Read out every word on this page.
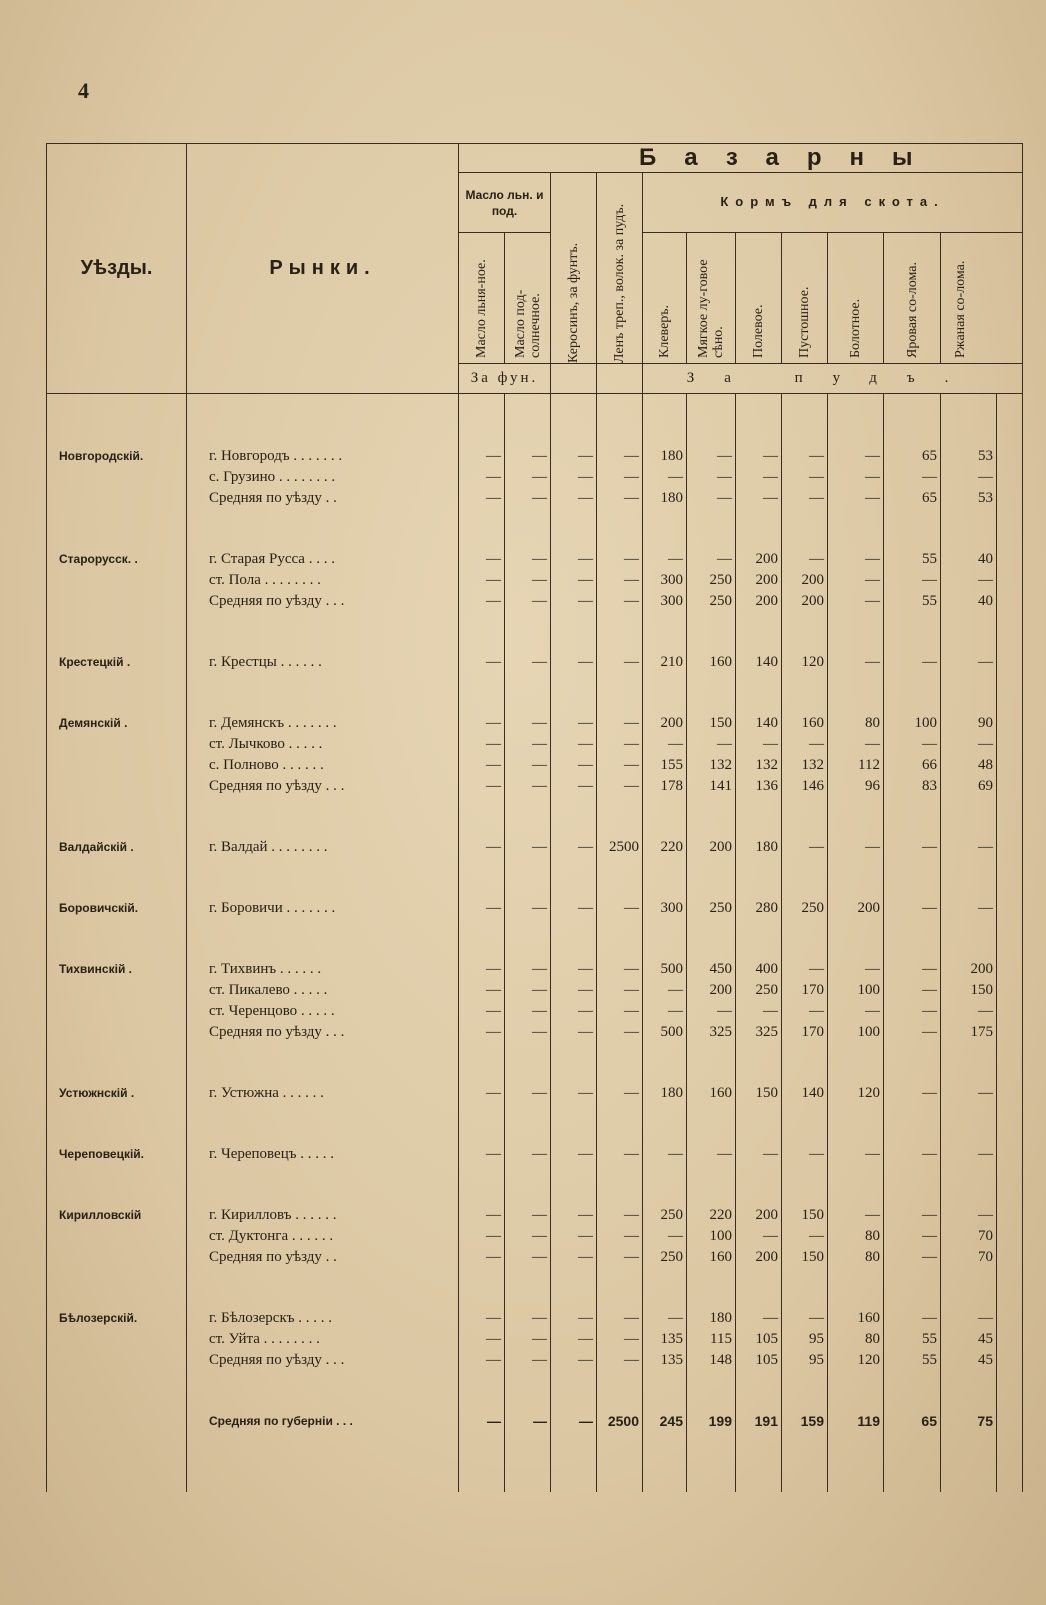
4
Уѣзды.	Рынки.	Базарны											

		Масло льн. и под.		Керосинъ, за фунтъ.	Ленъ треп., волок. за пудъ.	Кормъ для скота.							

		Масло льня-ное.	Масло под-солнечное.			Клеверъ.	Мягкое лу-говое сѣно.	Полевое.	Пустошное.	Болотное.	Яровая со-лома.	Ржаная со-лома.	

		За фун.				За пудъ.							

Новгородскій.	г. Новгородъ . . . . . . .	—	—	—	—	180	—	—	—	—	65	53	
	с. Грузино . . . . . . . .	—	—	—	—	—	—	—	—	—	—	—	
	Средняя по уѣзду . .	—	—	—	—	180	—	—	—	—	65	53	

Старорусск. .	г. Старая Русса . . . .	—	—	—	—	—	—	200	—	—	55	40	
	ст. Пола . . . . . . . .	—	—	—	—	300	250	200	200	—	—	—	
	Средняя по уѣзду . . .	—	—	—	—	300	250	200	200	—	55	40	

Крестецкій .	г. Крестцы . . . . . .	—	—	—	—	210	160	140	120	—	—	—	

Демянскій .	г. Демянскъ . . . . . . .	—	—	—	—	200	150	140	160	80	100	90	
	ст. Лычково . . . . .	—	—	—	—	—	—	—	—	—	—	—	
	с. Полново . . . . . .	—	—	—	—	155	132	132	132	112	66	48	
	Средняя по уѣзду . . .	—	—	—	—	178	141	136	146	96	83	69	

Валдайскій .	г. Валдай . . . . . . . .	—	—	—	2500	220	200	180	—	—	—	—	

Боровичскій.	г. Боровичи . . . . . . .	—	—	—	—	300	250	280	250	200	—	—	

Тихвинскій .	г. Тихвинъ . . . . . .	—	—	—	—	500	450	400	—	—	—	200	
	ст. Пикалево . . . . .	—	—	—	—	—	200	250	170	100	—	150	
	ст. Черенцово . . . . .	—	—	—	—	—	—	—	—	—	—	—	
	Средняя по уѣзду . . .	—	—	—	—	500	325	325	170	100	—	175	

Устюжнскій .	г. Устюжна . . . . . .	—	—	—	—	180	160	150	140	120	—	—	

Череповецкій.	г. Череповецъ . . . . .	—	—	—	—	—	—	—	—	—	—	—	

Кирилловскій	г. Кирилловъ . . . . . .	—	—	—	—	250	220	200	150	—	—	—	
	ст. Дуктонга . . . . . .	—	—	—	—	—	100	—	—	80	—	70	
	Средняя по уѣзду . .	—	—	—	—	250	160	200	150	80	—	70	

Бѣлозерскій.	г. Бѣлозерскъ . . . . .	—	—	—	—	—	180	—	—	160	—	—	
	ст. Уйта . . . . . . . .	—	—	—	—	135	115	105	95	80	55	45	
	Средняя по уѣзду . . .	—	—	—	—	135	148	105	95	120	55	45	

	Средняя по губерніи . . .	—	—	—	2500	245	199	191	159	119	65	75	
